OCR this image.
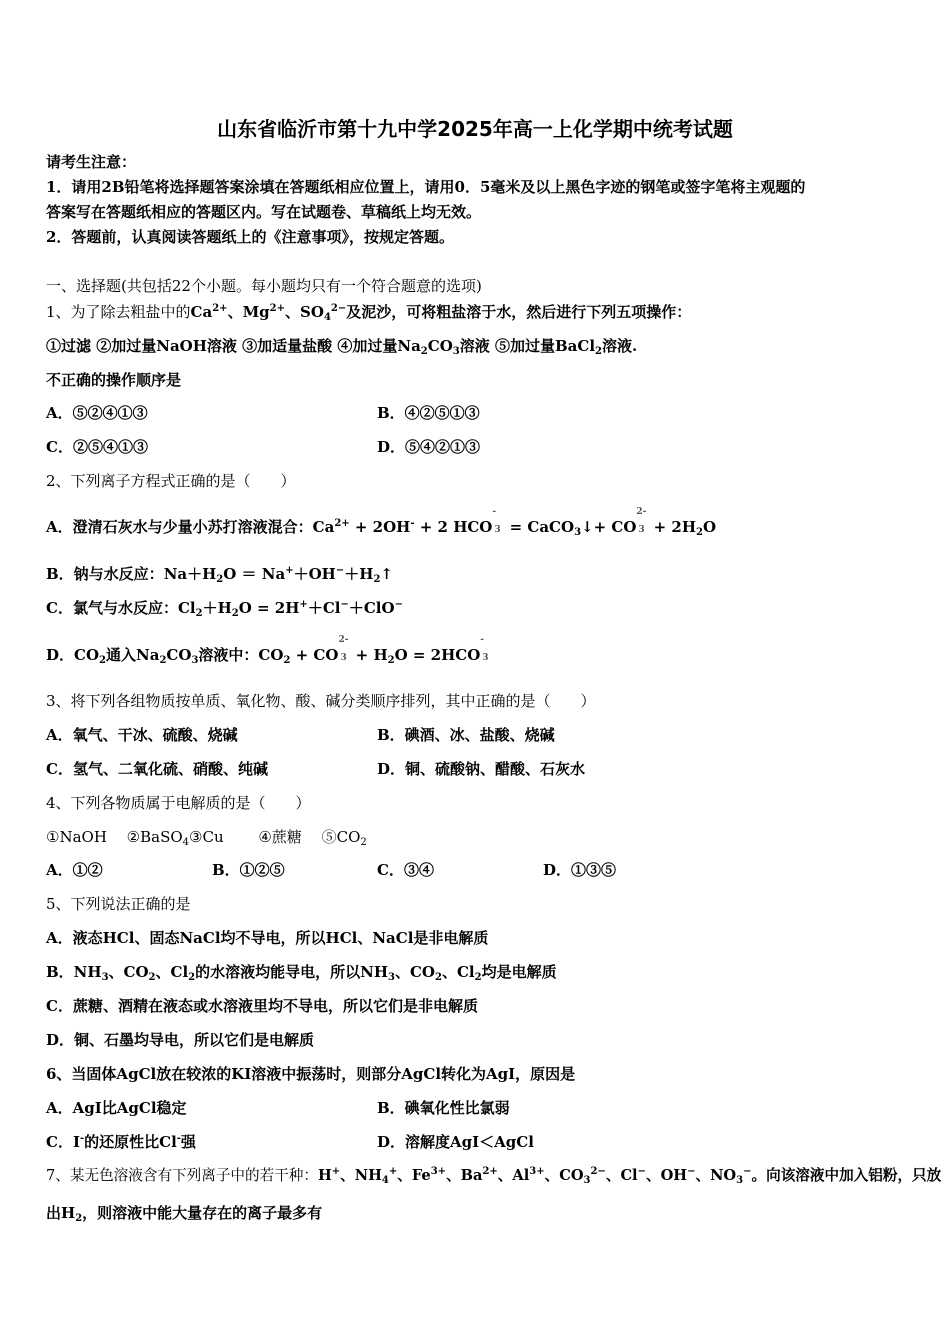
山东省临沂市第十九中学2025年高一上化学期中统考试题
请考生注意：
1．请用2B铅笔将选择题答案涂填在答题纸相应位置上，请用0．5毫米及以上黑色字迹的钢笔或签字笔将主观题的
答案写在答题纸相应的答题区内。写在试题卷、草稿纸上均无效。
2．答题前，认真阅读答题纸上的《注意事项》，按规定答题。
一、选择题(共包括22个小题。每小题均只有一个符合题意的选项)
1、为了除去粗盐中的$Ca^{2+}$、$Mg^{2+}$、$SO_4^{2-}$及泥沙，可将粗盐溶于水，然后进行下列五项操作：
①过滤 ②加过量NaOH溶液 ③加适量盐酸 ④加过量$Na_2CO_3$溶液 ⑤加过量BaCl$_2$溶液.
不正确的操作顺序是
A．⑤②④①③	B．④②⑤①③
C．②⑤④①③	D．⑤④②①③
2、下列离子方程式正确的是（　　）
A．澄清石灰水与少量小苏打溶液混合：$Ca^{2+} + 2OH^- + 2$ HCO
-
3 = CaCO$_3$↓+ CO
2-
$3 + 2H_2O$
B．钠与水反应：$Na+H_2O$ ＝ $Na^++OH^-+H_2↑$
C．氯气与水反应：$Cl_2+H_2O = 2H^++Cl^-+ClO^-$
D．$CO_2$通入$Na_2CO_3$溶液中：$CO_2$ + CO
2-
$3 + H_2O = 2HCO$
-
3
3、将下列各组物质按单质、氧化物、酸、碱分类顺序排列，其中正确的是（　　）
A．氧气、干冰、硫酸、烧碱	B．碘酒、冰、盐酸、烧碱
C．氢气、二氧化硫、硝酸、纯碱	D．铜、硫酸钠、醋酸、石灰水
4、下列各物质属于电解质的是（　　）
①NaOH　 ②BaSO$_4$③Cu　　 ④蔗糖　 $⑤CO_2$
A．①②	B．①②⑤	C．③④	D．①③⑤
5、下列说法正确的是
A．液态HCl、固态NaCl均不导电，所以HCl、NaCl是非电解质
B．$NH_3$、$CO_2$、$Cl_2$的水溶液均能导电，所以$NH_3$、$CO_2$、$Cl_2$均是电解质
C．蔗糖、酒精在液态或水溶液里均不导电，所以它们是非电解质
D．铜、石墨均导电，所以它们是电解质
6、当固体AgCl放在较浓的KI溶液中振荡时，则部分AgCl转化为AgI，原因是
A．AgI比AgCl稳定	B．碘氧化性比氯弱
C．I-的还原性比Cl-强	D．溶解度AgI＜AgCl
7、某无色溶液含有下列离子中的若干种：H+、$NH_4^+$、$Fe^{3+}$、$Ba^{2+}$、$Al^{3+}$、$CO_3^{2-}$、Cl−、OH−、$NO_3^-$。向该溶液中加入铝粉，只放
出$H_2$，则溶液中能大量存在的离子最多有
